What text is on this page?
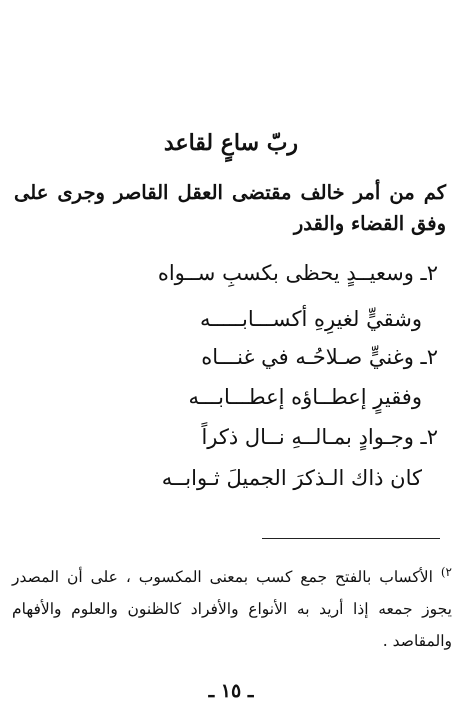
ربّ ساعٍ لقاعد
كم من أمر خالف مقتضى العقل القاصر وجرى على وفق القضاء والقدر
٢ـ وسعيــدٍ يحظى بكسبِ ســواه
وشقيٍّ لغيرِهِ أكســـابـــــه
٢ـ وغنيٍّ صـلاحُـه في غنـــاه
وفقيرٍ إعطــاؤه إعطـــابـــه
٢ـ وجـوادٍ بمـالــهِ نــال ذكراً
كان ذاك الـذكرَ الجميلَ ثـوابــه
$^{٢)}$ الأكساب بالفتح جمع كسب بمعنى المكسوب ، على أن المصدر يجوز جمعه إذا أريد به الأنواع والأفراد كالظنون والعلوم والأفهام والمقاصد .
ـ ١٥ ـ
